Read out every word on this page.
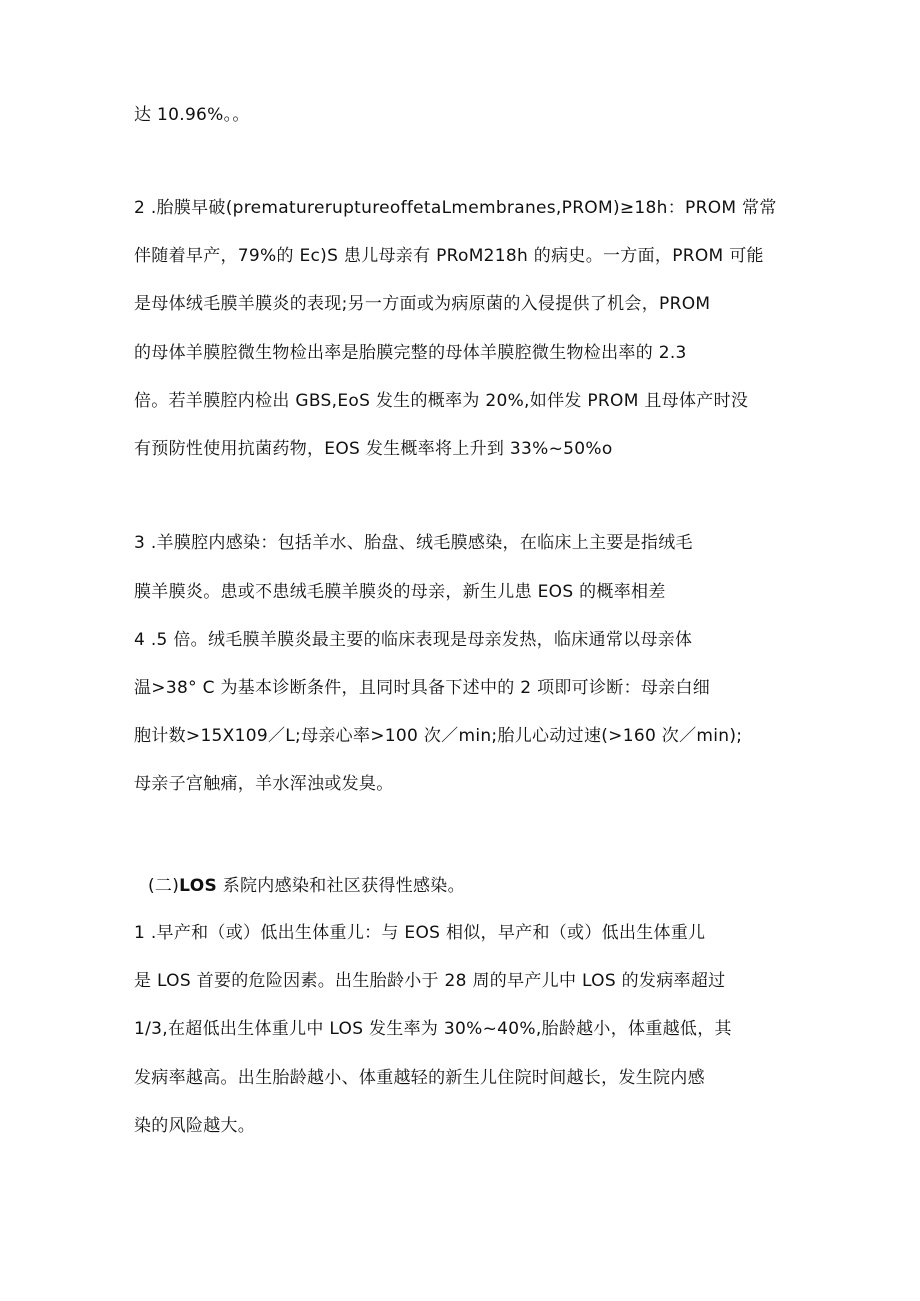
达 10.96%。。
2 .胎膜早破(prematureruptureoffetaLmembranes,PROM)≥18h：PROM 常常
伴随着早产，79%的 Ec)S 患儿母亲有 PRoM218h 的病史。一方面，PROM 可能
是母体绒毛膜羊膜炎的表现;另一方面或为病原菌的入侵提供了机会，PROM
的母体羊膜腔微生物检出率是胎膜完整的母体羊膜腔微生物检出率的 2.3
倍。若羊膜腔内检出 GBS,EoS 发生的概率为 20%,如伴发 PROM 且母体产时没
有预防性使用抗菌药物，EOS 发生概率将上升到 33%~50%o
3 .羊膜腔内感染：包括羊水、胎盘、绒毛膜感染，在临床上主要是指绒毛
膜羊膜炎。患或不患绒毛膜羊膜炎的母亲，新生儿患 EOS 的概率相差
4 .5 倍。绒毛膜羊膜炎最主要的临床表现是母亲发热，临床通常以母亲体
温>38° C 为基本诊断条件，且同时具备下述中的 2 项即可诊断：母亲白细
胞计数>15X109／L;母亲心率>100 次／min;胎儿心动过速(>160 次／min);
母亲子宫触痛，羊水浑浊或发臭。
(二)LOS 系院内感染和社区获得性感染。
1 .早产和（或）低出生体重儿：与 EOS 相似，早产和（或）低出生体重儿
是 LOS 首要的危险因素。出生胎龄小于 28 周的早产儿中 LOS 的发病率超过
1/3,在超低出生体重儿中 LOS 发生率为 30%~40%,胎龄越小，体重越低，其
发病率越高。出生胎龄越小、体重越轻的新生儿住院时间越长，发生院内感
染的风险越大。
